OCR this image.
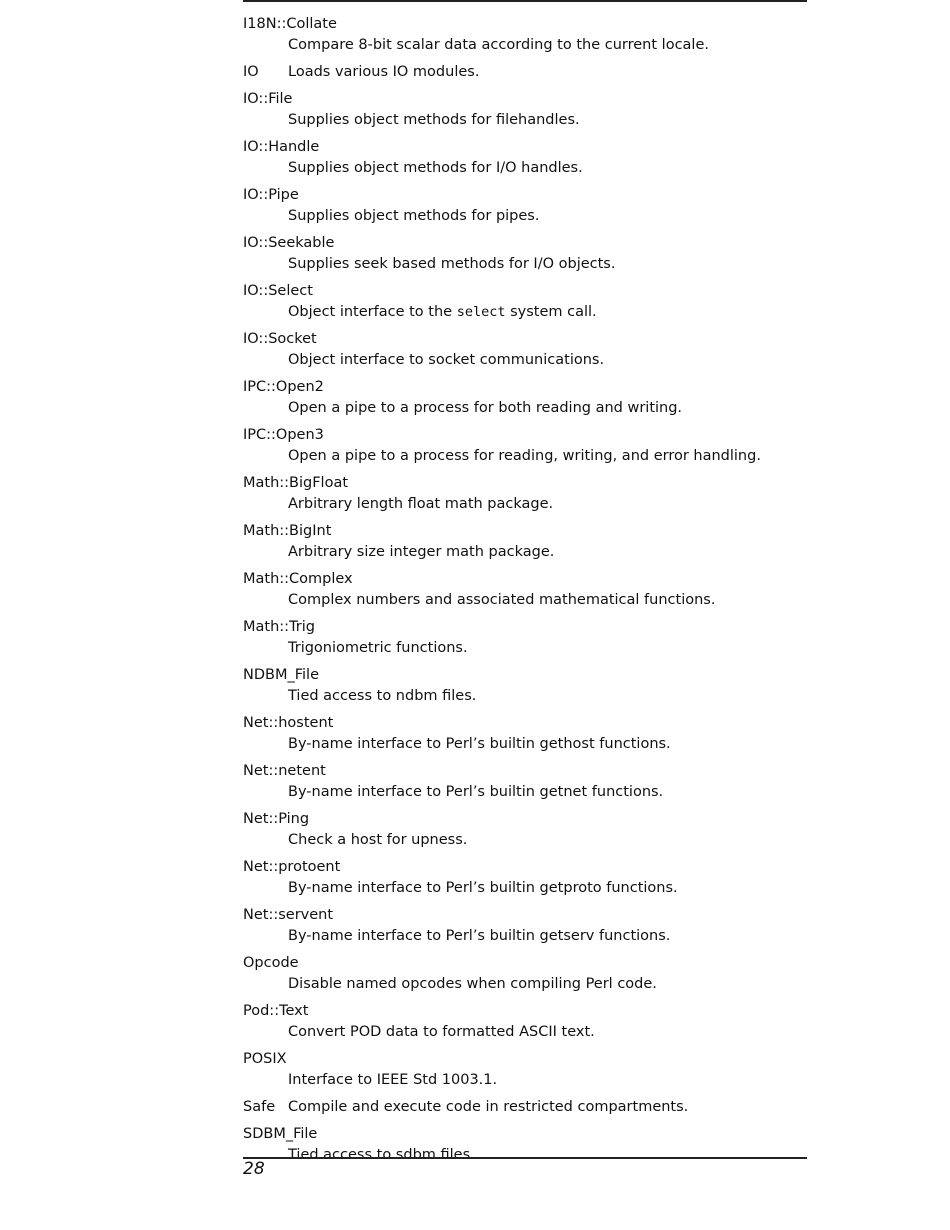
I18N::Collate
Compare 8-bit scalar data according to the current locale.
IO Loads various IO modules.
IO::File
Supplies object methods for filehandles.
IO::Handle
Supplies object methods for I/O handles.
IO::Pipe
Supplies object methods for pipes.
IO::Seekable
Supplies seek based methods for I/O objects.
IO::Select
Object interface to the select system call.
IO::Socket
Object interface to socket communications.
IPC::Open2
Open a pipe to a process for both reading and writing.
IPC::Open3
Open a pipe to a process for reading, writing, and error handling.
Math::BigFloat
Arbitrary length float math package.
Math::BigInt
Arbitrary size integer math package.
Math::Complex
Complex numbers and associated mathematical functions.
Math::Trig
Trigoniometric functions.
NDBM_File
Tied access to ndbm files.
Net::hostent
By-name interface to Perl’s builtin gethost functions.
Net::netent
By-name interface to Perl’s builtin getnet functions.
Net::Ping
Check a host for upness.
Net::protoent
By-name interface to Perl’s builtin getproto functions.
Net::servent
By-name interface to Perl’s builtin getserv functions.
Opcode
Disable named opcodes when compiling Perl code.
Pod::Text
Convert POD data to formatted ASCII text.
POSIX
Interface to IEEE Std 1003.1.
Safe Compile and execute code in restricted compartments.
SDBM_File
Tied access to sdbm files.
28
